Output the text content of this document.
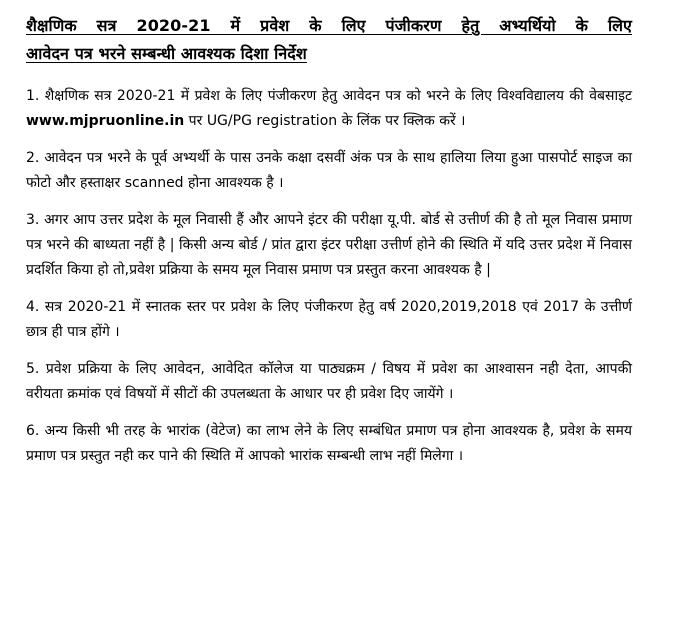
शैक्षणिक सत्र 2020-21 में प्रवेश के लिए पंजीकरण हेतु अभ्यर्थियो के लिए
आवेदन पत्र भरने सम्बन्धी आवश्यक दिशा निर्देश

1. शैक्षणिक सत्र 2020-21 में प्रवेश के लिए पंजीकरण हेतु आवेदन पत्र को भरने के लिए विश्वविद्यालय की वेबसाइट www.mjpruonline.in पर UG/PG registration के लिंक पर क्लिक करें ।

2. आवेदन पत्र भरने के पूर्व अभ्यर्थी के पास उनके कक्षा दसवीं अंक पत्र के साथ हालिया लिया हुआ पासपोर्ट साइज का फोटो और हस्ताक्षर scanned होना आवश्यक है ।

3. अगर आप उत्तर प्रदेश के मूल निवासी हैं और आपने इंटर की परीक्षा यू.पी. बोर्ड से उत्तीर्ण की है तो मूल निवास प्रमाण पत्र भरने की बाध्यता नहीं है | किसी अन्य बोर्ड / प्रांत द्वारा इंटर परीक्षा उत्तीर्ण होने की स्थिति में यदि उत्तर प्रदेश में निवास प्रदर्शित किया हो तो,प्रवेश प्रक्रिया के समय मूल निवास प्रमाण पत्र प्रस्तुत करना आवश्यक है |

4. सत्र 2020-21 में स्नातक स्तर पर प्रवेश के लिए पंजीकरण हेतु वर्ष 2020,2019,2018 एवं 2017 के उत्तीर्ण छात्र ही पात्र होंगे ।

5. प्रवेश प्रक्रिया के लिए आवेदन, आवेदित कॉलेज या पाठ्यक्रम / विषय में प्रवेश का आश्वासन नही देता, आपकी वरीयता क्रमांक एवं विषयों में सीटों की उपलब्धता के आधार पर ही प्रवेश दिए जायेंगे ।

6. अन्य किसी भी तरह के भारांक (वेटेज) का लाभ लेने के लिए सम्बंधित प्रमाण पत्र होना आवश्यक है, प्रवेश के समय प्रमाण पत्र प्रस्तुत नही कर पाने की स्थिति में आपको भारांक सम्बन्धी लाभ नहीं मिलेगा ।
